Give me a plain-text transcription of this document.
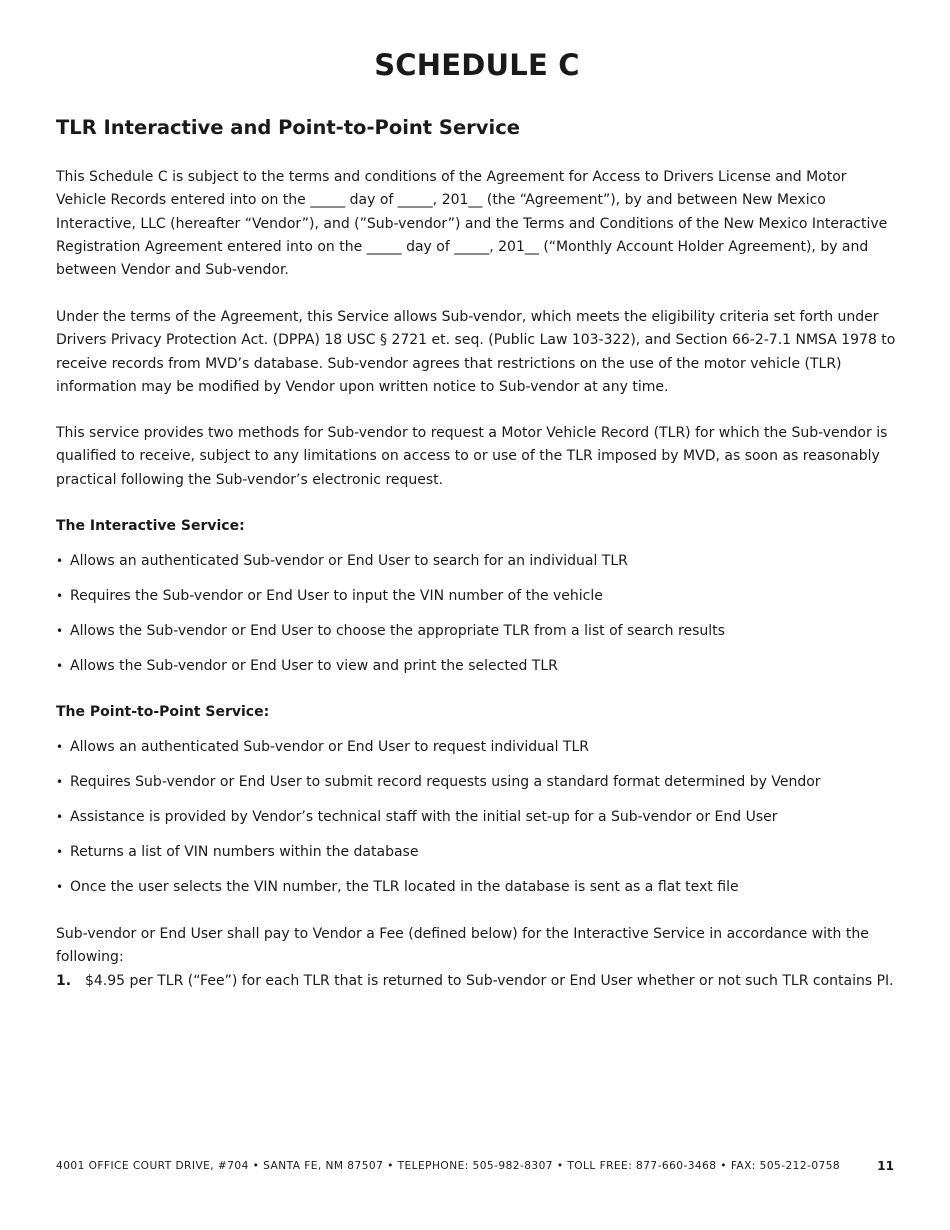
SCHEDULE C
TLR Interactive and Point-to-Point Service

This Schedule C is subject to the terms and conditions of the Agreement for Access to Drivers License and Motor Vehicle Records entered into on the _____ day of _____, 201__ (the “Agreement”), by and between New Mexico Interactive, LLC (hereafter “Vendor”), and (”Sub-vendor”) and the Terms and Conditions of the New Mexico Interactive Registration Agreement entered into on the _____ day of _____, 201__ (“Monthly Account Holder Agreement), by and between Vendor and Sub-vendor.

Under the terms of the Agreement, this Service allows Sub-vendor, which meets the eligibility criteria set forth under Drivers Privacy Protection Act. (DPPA) 18 USC § 2721 et. seq. (Public Law 103-322), and Section 66-2-7.1 NMSA 1978 to receive records from MVD’s database. Sub-vendor agrees that restrictions on the use of the motor vehicle (TLR) information may be modified by Vendor upon written notice to Sub-vendor at any time.

This service provides two methods for Sub-vendor to request a Motor Vehicle Record (TLR) for which the Sub-vendor is qualified to receive, subject to any limitations on access to or use of the TLR imposed by MVD, as soon as reasonably practical following the Sub-vendor’s electronic request.

The Interactive Service:
• Allows an authenticated Sub-vendor or End User to search for an individual TLR
• Requires the Sub-vendor or End User to input the VIN number of the vehicle
• Allows the Sub-vendor or End User to choose the appropriate TLR from a list of search results
• Allows the Sub-vendor or End User to view and print the selected TLR
The Point-to-Point Service:
• Allows an authenticated Sub-vendor or End User to request individual TLR
• Requires Sub-vendor or End User to submit record requests using a standard format determined by Vendor
• Assistance is provided by Vendor’s technical staff with the initial set-up for a Sub-vendor or End User
• Returns a list of VIN numbers within the database
• Once the user selects the VIN number, the TLR located in the database is sent as a flat text file

Sub-vendor or End User shall pay to Vendor a Fee (defined below) for the Interactive Service in accordance with the following:

1. $4.95 per TLR (“Fee”) for each TLR that is returned to Sub-vendor or End User whether or not such TLR contains PI.

4001 OFFICE COURT DRIVE, #704 • SANTA FE, NM 87507 • TELEPHONE: 505-982-8307 • TOLL FREE: 877-660-3468 • FAX: 505-212-0758	11
